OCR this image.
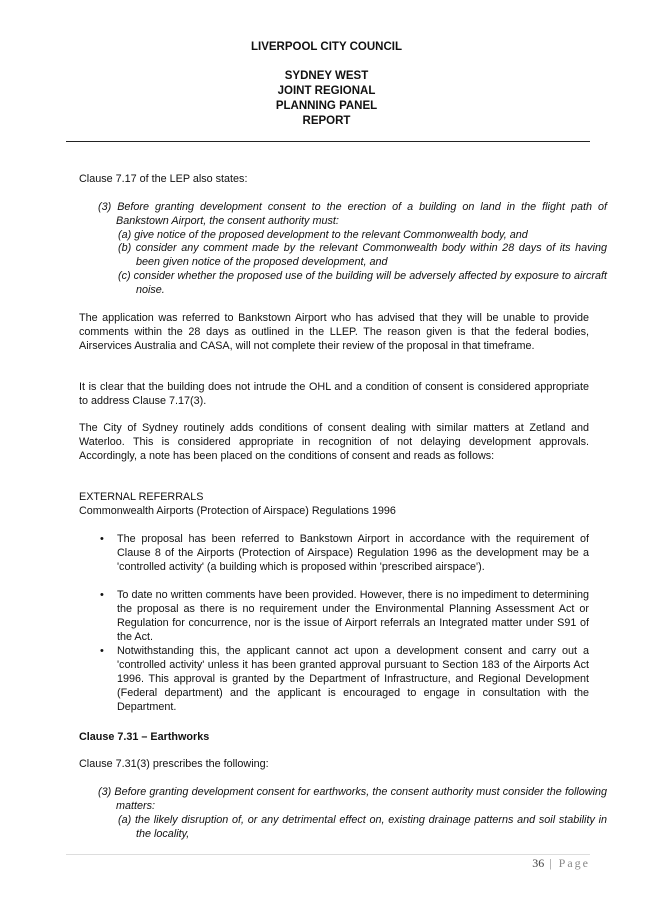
LIVERPOOL CITY COUNCIL
SYDNEY WEST
JOINT REGIONAL
PLANNING PANEL
REPORT
Clause 7.17 of the LEP also states:
(3) Before granting development consent to the erection of a building on land in the flight path of Bankstown Airport, the consent authority must:
(a) give notice of the proposed development to the relevant Commonwealth body, and
(b) consider any comment made by the relevant Commonwealth body within 28 days of its having been given notice of the proposed development, and
(c) consider whether the proposed use of the building will be adversely affected by exposure to aircraft noise.
The application was referred to Bankstown Airport who has advised that they will be unable to provide comments within the 28 days as outlined in the LLEP. The reason given is that the federal bodies, Airservices Australia and CASA, will not complete their review of the proposal in that timeframe.
It is clear that the building does not intrude the OHL and a condition of consent is considered appropriate to address Clause 7.17(3).
The City of Sydney routinely adds conditions of consent dealing with similar matters at Zetland and Waterloo. This is considered appropriate in recognition of not delaying development approvals. Accordingly, a note has been placed on the conditions of consent and reads as follows:
EXTERNAL REFERRALS
Commonwealth Airports (Protection of Airspace) Regulations 1996
•	The proposal has been referred to Bankstown Airport in accordance with the requirement of Clause 8 of the Airports (Protection of Airspace) Regulation 1996 as the development may be a 'controlled activity' (a building which is proposed within 'prescribed airspace').
•	To date no written comments have been provided. However, there is no impediment to determining the proposal as there is no requirement under the Environmental Planning Assessment Act or Regulation for concurrence, nor is the issue of Airport referrals an Integrated matter under S91 of the Act.
•	Notwithstanding this, the applicant cannot act upon a development consent and carry out a 'controlled activity' unless it has been granted approval pursuant to Section 183 of the Airports Act 1996. This approval is granted by the Department of Infrastructure, and Regional Development (Federal department) and the applicant is encouraged to engage in consultation with the Department.
Clause 7.31 – Earthworks
Clause 7.31(3) prescribes the following:
(3) Before granting development consent for earthworks, the consent authority must consider the following matters:
(a) the likely disruption of, or any detrimental effect on, existing drainage patterns and soil stability in the locality,
36 | Page
